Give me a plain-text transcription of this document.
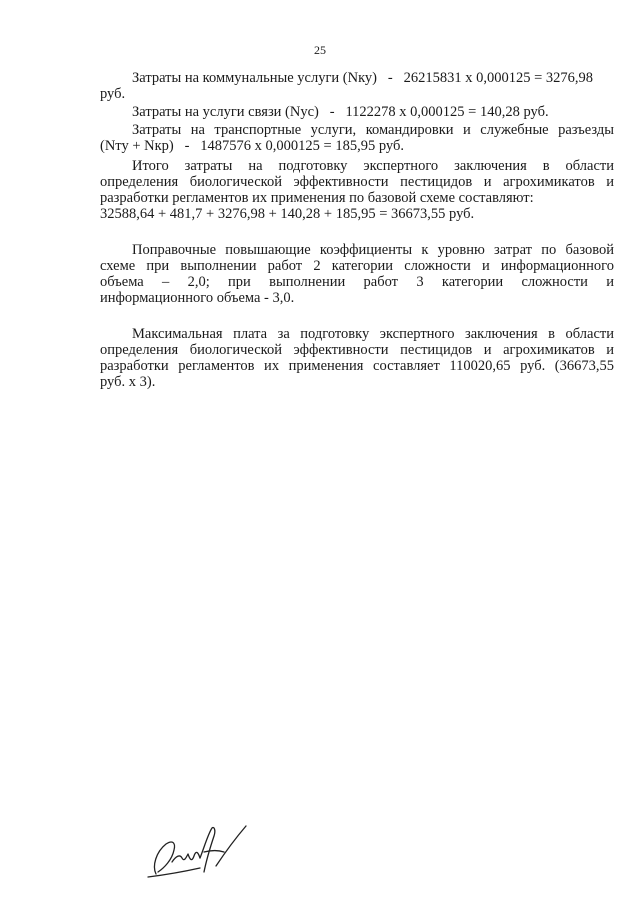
25
Затраты на коммунальные услуги (Nку)   -   26215831 х 0,000125 = 3276,98
руб.
Затраты на услуги связи (Nус)   -   1122278 х 0,000125 = 140,28 руб.
Затраты на транспортные услуги, командировки и служебные разъезды
(Nту + Nкр)   -   1487576 х 0,000125 = 185,95 руб.
Итого затраты на подготовку экспертного заключения в области
определения биологической эффективности пестицидов и агрохимикатов и
разработки регламентов их применения по базовой схеме составляют:
32588,64 + 481,7 + 3276,98 + 140,28 + 185,95 = 36673,55 руб.
Поправочные повышающие коэффициенты к уровню затрат по базовой
схеме при выполнении работ 2 категории сложности и информационного
объема – 2,0; при выполнении работ 3 категории сложности и
информационного объема - 3,0.
Максимальная плата за подготовку экспертного заключения в области
определения биологической эффективности пестицидов и агрохимикатов и
разработки регламентов их применения составляет 110020,65 руб. (36673,55
руб. х 3).
